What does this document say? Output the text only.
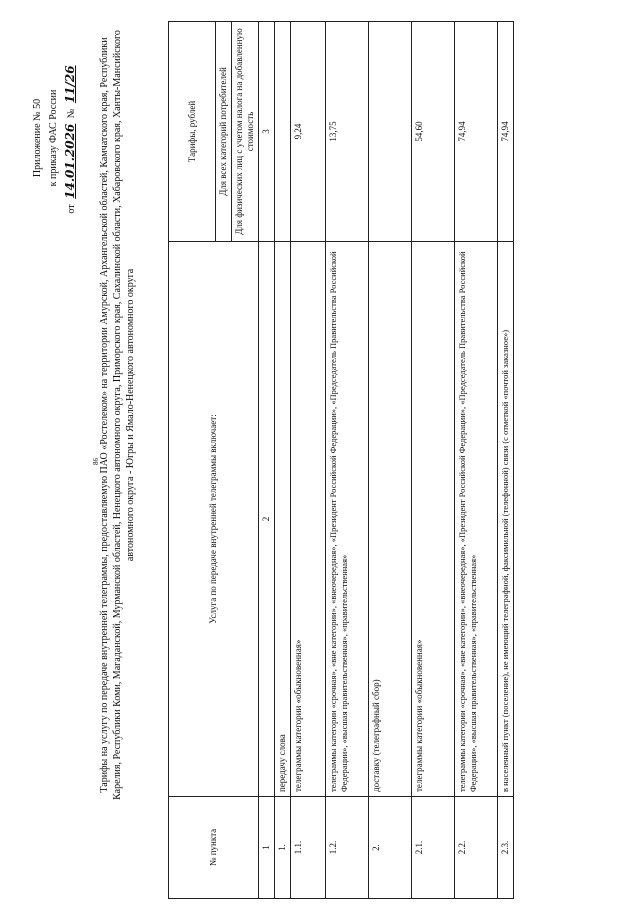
86
Приложение № 50 к приказу ФАС России
от 14.01.2026 № 11/26	Тарифы на услугу по передаче внутренней телеграммы, предоставляемую ПАО «Ростелеком» на территории Амурской, Архангельской областей, Камчатского края, Республики Карелия, Республики Коми, Магаданской, Мурманской областей, Ненецкого автономного округа, Приморского края, Сахалинской области, Хабаровского края, Ханты-Мансийского автономного округа - Югры и Ямало-Ненецкого автономного округа
№ пункта	Услуга по передаче внутренней телеграммы включает:	Тарифы, рублей
		Для всех категорий потребителей
		Для физических лиц с учетом налога на добавленную стоимость
1	2	3
1.	передачу слова	
1.1.	телеграммы категории «обыкновенная»	9,24
1.2.	телеграммы категории «срочная», «вне категории», «внеочередная», «Президент Российской Федерации», «Председатель Правительства Российской Федерации», «высшая правительственная», «правительственная»	13,75
2.	доставку (телеграфный сбор)	
2.1.	телеграммы категории «обыкновенная»	54,60
2.2.	телеграммы категории «срочная», «вне категории», «внеочередная», «Президент Российской Федерации», «Председатель Правительства Российской Федерации», «высшая правительственная», «правительственная»	74,94
2.3.	в населенный пункт (поселение), не имеющий телеграфной, факсимильной (телефонной) связи (с отметкой «почтой заказное»)	74,94
